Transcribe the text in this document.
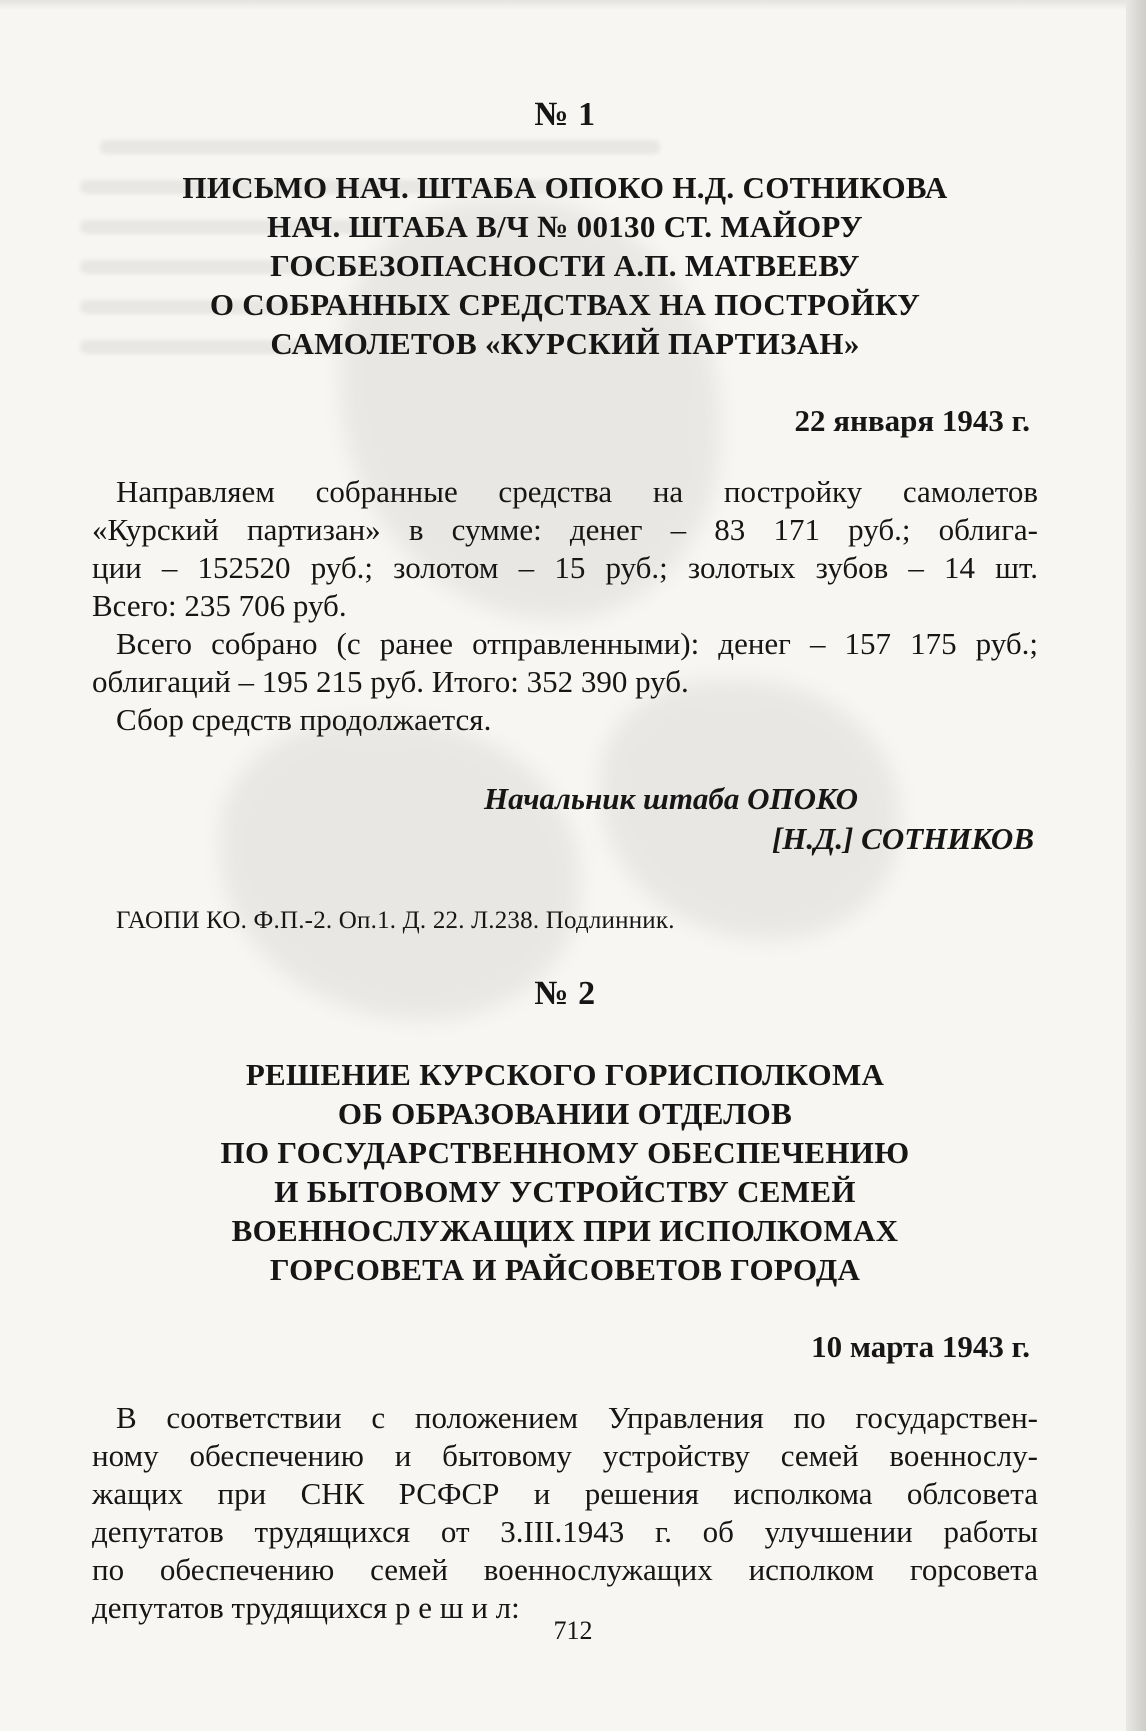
№ 1
ПИСЬМО НАЧ. ШТАБА ОПОКО Н.Д. СОТНИКОВА
НАЧ. ШТАБА В/Ч № 00130 СТ. МАЙОРУ
ГОСБЕЗОПАСНОСТИ А.П. МАТВЕЕВУ
О СОБРАННЫХ СРЕДСТВАХ НА ПОСТРОЙКУ
САМОЛЕТОВ «КУРСКИЙ ПАРТИЗАН»
22 января 1943 г.

Направляем собранные средства на постройку самолетов
«Курский партизан» в сумме: денег – 83 171 руб.; облига-
ции – 152520 руб.; золотом – 15 руб.; золотых зубов – 14 шт.
Всего: 235 706 руб.

Всего собрано (с ранее отправленными): денег – 157 175 руб.;
облигаций – 195 215 руб. Итого: 352 390 руб.

Сбор средств продолжается.

Начальник штаба ОПОКО
[Н.Д.] СОТНИКОВ
ГАОПИ КО. Ф.П.-2. Оп.1. Д. 22. Л.238. Подлинник.
№ 2
РЕШЕНИЕ КУРСКОГО ГОРИСПОЛКОМА
ОБ ОБРАЗОВАНИИ ОТДЕЛОВ
ПО ГОСУДАРСТВЕННОМУ ОБЕСПЕЧЕНИЮ
И БЫТОВОМУ УСТРОЙСТВУ СЕМЕЙ
ВОЕННОСЛУЖАЩИХ ПРИ ИСПОЛКОМАХ
ГОРСОВЕТА И РАЙСОВЕТОВ ГОРОДА
10 марта 1943 г.

В соответствии с положением Управления по государствен-
ному обеспечению и бытовому устройству семей военнослу-
жащих при СНК РСФСР и решения исполкома облсовета
депутатов трудящихся от 3.III.1943 г. об улучшении работы
по обеспечению семей военнослужащих исполком горсовета
депутатов трудящихся р е ш и л:

712
